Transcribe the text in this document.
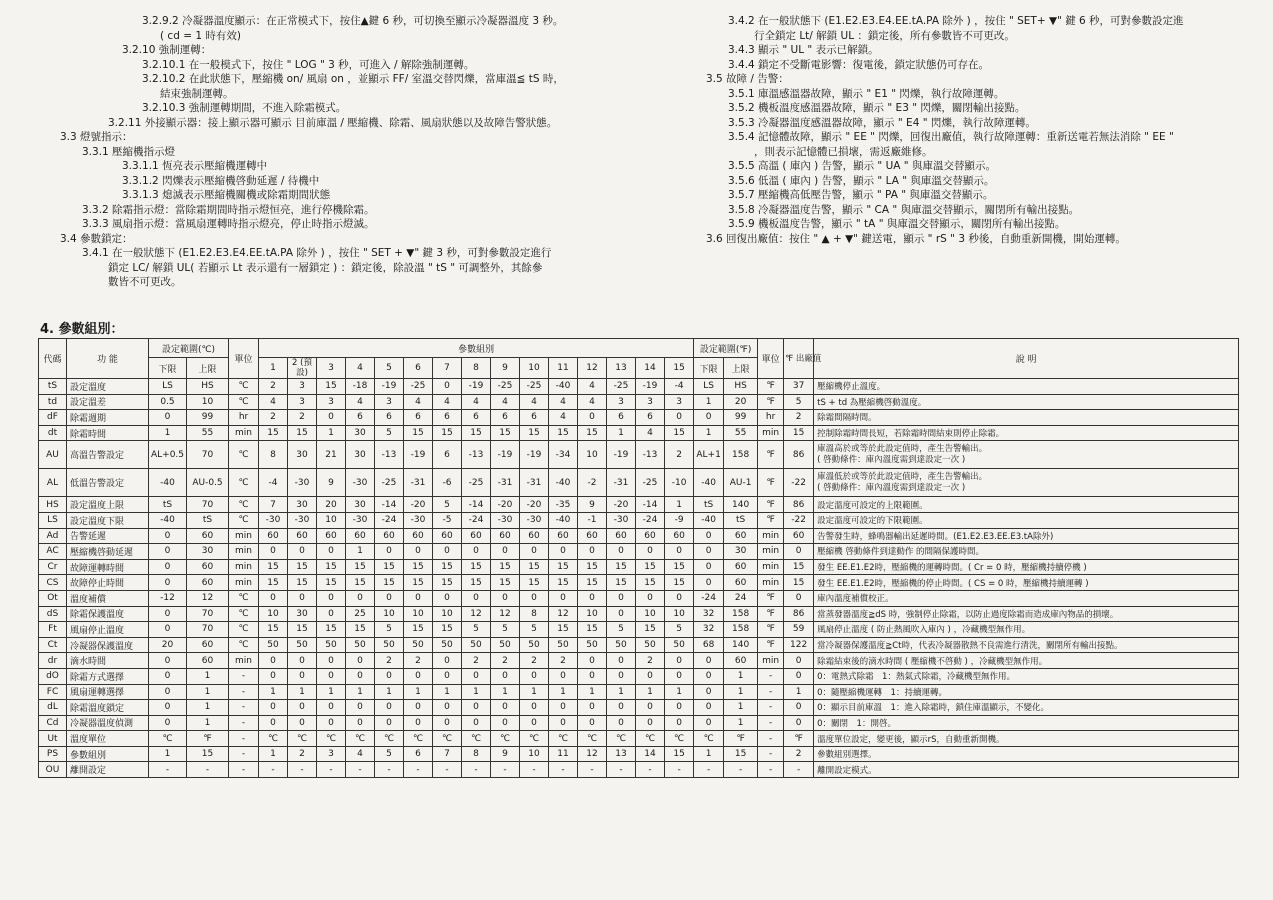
3.2.9.2 冷凝器溫度顯示：在正常模式下，按住▲鍵 6 秒，可切換至顯示冷凝器溫度 3 秒。
( cd = 1 時有效)
3.2.10 強制運轉：
3.2.10.1 在一般模式下，按住 " LOG " 3 秒，可進入 / 解除強制運轉。
3.2.10.2 在此狀態下，壓縮機 on/ 風扇 on ，並顯示 FF/ 室溫交替閃爍，當庫溫≦ tS 時，
結束強制運轉。
3.2.10.3 強制運轉期間，不進入除霜模式。
3.2.11 外接顯示器：接上顯示器可顯示 目前庫溫 / 壓縮機、除霜、風扇狀態以及故障告警狀態。
3.3 燈號指示：
3.3.1 壓縮機指示燈
3.3.1.1 恆亮表示壓縮機運轉中
3.3.1.2 閃爍表示壓縮機啓動延遲 / 待機中
3.3.1.3 熄滅表示壓縮機關機或除霜期間狀態
3.3.2 除霜指示燈：當除霜期間時指示燈恒亮，進行停機除霜。
3.3.3 風扇指示燈：當風扇運轉時指示燈亮，停止時指示燈滅。
3.4 參數鎖定：
3.4.1 在一般狀態下 (E1.E2.E3.E4.EE.tA.PA 除外 ) ，按住 " SET + ▼" 鍵 3 秒，可對參數設定進行
鎖定 LC/ 解鎖 UL( 若顯示 Lt 表示還有一層鎖定 ) ：鎖定後，除設溫 " tS " 可調整外，其餘參
數皆不可更改。
3.4.2 在一般狀態下 (E1.E2.E3.E4.EE.tA.PA 除外 ) ，按住 " SET+ ▼" 鍵 6 秒，可對參數設定進
行全鎖定 Lt/ 解鎖 UL ：鎖定後，所有參數皆不可更改。
3.4.3 顯示 " UL " 表示已解鎖。
3.4.4 鎖定不受斷電影響：復電後，鎖定狀態仍可存在。
3.5 故障 / 告警：
3.5.1 庫溫感溫器故障，顯示 " E1 " 閃爍，執行故障運轉。
3.5.2 機板溫度感溫器故障，顯示 " E3 " 閃爍，關閉輸出接點。
3.5.3 冷凝器溫度感溫器故障，顯示 " E4 " 閃爍，執行故障運轉。
3.5.4 記憶體故障，顯示 " EE " 閃爍，回復出廠值，執行故障運轉：重新送電若無法消除 " EE "
，則表示記憶體已損壞，需返廠維修。
3.5.5 高溫 ( 庫內 ) 告警，顯示 " UA " 與庫溫交替顯示。
3.5.6 低溫 ( 庫內 ) 告警，顯示 " LA " 與庫溫交替顯示。
3.5.7 壓縮機高低壓告警，顯示 " PA " 與庫溫交替顯示。
3.5.8 冷凝器溫度告警，顯示 " CA " 與庫溫交替顯示，關閉所有輸出接點。
3.5.9 機板溫度告警，顯示 " tA " 與庫溫交替顯示，關閉所有輸出接點。
3.6 回復出廠值：按住 " ▲ + ▼" 鍵送電，顯示 " rS " 3 秒後，自動重新開機，開始運轉。
4. 參數組別：
代碼	功 能	設定範圍(℃)		單位	參數組別															設定範圍(℉)		單位	℉ 出廠值	說 明
		下限	上限		1	2 (預設)	3	4	5	6	7	8	9	10	11	12	13	14	15	下限	上限			
tS	設定溫度	LS	HS	℃	2	3	15	-18	-19	-25	0	-19	-25	-25	-40	4	-25	-19	-4	LS	HS	℉	37	壓縮機停止溫度。

td	設定溫差	0.5	10	℃	4	3	3	4	3	4	4	4	4	4	4	4	3	3	3	1	20	℉	5	tS + td 為壓縮機啓動溫度。

dF	除霜週期	0	99	hr	2	2	0	6	6	6	6	6	6	6	4	0	6	6	0	0	99	hr	2	除霜間隔時間。

dt	除霜時間	1	55	min	15	15	1	30	5	15	15	15	15	15	15	15	1	4	15	1	55	min	15	控制除霜時間長短，若除霜時間結束則停止除霜。

AU	高溫告警設定	AL+0.5	70	℃	8	30	21	30	-13	-19	6	-13	-19	-19	-34	10	-19	-13	2	AL+1	158	℉	86	庫溫高於或等於此設定值時，產生告警輸出。
( 啓動條件：庫內溫度需到達設定一次 )

AL	低溫告警設定	-40	AU-0.5	℃	-4	-30	9	-30	-25	-31	-6	-25	-31	-31	-40	-2	-31	-25	-10	-40	AU-1	℉	-22	庫溫低於或等於此設定值時，產生告警輸出。
( 啓動條件：庫內溫度需到達設定一次 )

HS	設定溫度上限	tS	70	℃	7	30	20	30	-14	-20	5	-14	-20	-20	-35	9	-20	-14	1	tS	140	℉	86	設定溫度可設定的上限範圍。

LS	設定溫度下限	-40	tS	℃	-30	-30	10	-30	-24	-30	-5	-24	-30	-30	-40	-1	-30	-24	-9	-40	tS	℉	-22	設定溫度可設定的下限範圍。

Ad	告警延遲	0	60	min	60	60	60	60	60	60	60	60	60	60	60	60	60	60	60	0	60	min	60	告警發生時，蜂鳴器輸出延遲時間。(E1.E2.E3.EE.E3.tA除外)

AC	壓縮機啓動延遲	0	30	min	0	0	0	1	0	0	0	0	0	0	0	0	0	0	0	0	30	min	0	壓縮機 啓動條件到達動作 的間隔保護時間。

Cr	故障運轉時間	0	60	min	15	15	15	15	15	15	15	15	15	15	15	15	15	15	15	0	60	min	15	發生 EE.E1.E2時，壓縮機的運轉時間。( Cr = 0 時，壓縮機持續停機 )

CS	故障停止時間	0	60	min	15	15	15	15	15	15	15	15	15	15	15	15	15	15	15	0	60	min	15	發生 EE.E1.E2時，壓縮機的停止時間。( CS = 0 時，壓縮機持續運轉 )

Ot	溫度補償	-12	12	℃	0	0	0	0	0	0	0	0	0	0	0	0	0	0	0	-24	24	℉	0	庫內溫度補償校正。

dS	除霜保護溫度	0	70	℃	10	30	0	25	10	10	10	12	12	8	12	10	0	10	10	32	158	℉	86	當蒸發器溫度≧dS 時，強制停止除霜，以防止過度除霜而造成庫內物品的損壞。

Ft	風扇停止溫度	0	70	℃	15	15	15	15	5	15	15	5	5	5	15	15	5	15	5	32	158	℉	59	風扇停止溫度 ( 防止熱風吹入庫內 ) ，冷藏機型無作用。

Ct	冷凝器保護溫度	20	60	℃	50	50	50	50	50	50	50	50	50	50	50	50	50	50	50	68	140	℉	122	當冷凝器保護溫度≧Ct時，代表冷凝器散熱不良需進行清洗，關閉所有輸出接點。

dr	滴水時間	0	60	min	0	0	0	0	2	2	0	2	2	2	2	0	0	2	0	0	60	min	0	除霜結束後的滴水時間 ( 壓縮機不啓動 ) ，冷藏機型無作用。

dO	除霜方式選擇	0	1	-	0	0	0	0	0	0	0	0	0	0	0	0	0	0	0	0	1	-	0	0：電熱式除霜　1：熱氣式除霜，冷藏機型無作用。

FC	風扇運轉選擇	0	1	-	1	1	1	1	1	1	1	1	1	1	1	1	1	1	1	0	1	-	1	0：隨壓縮機運轉　1：持續運轉。

dL	除霜溫度鎖定	0	1	-	0	0	0	0	0	0	0	0	0	0	0	0	0	0	0	0	1	-	0	0：顯示目前庫溫　1：進入除霜時，鎖住庫溫顯示，不變化。

Cd	冷凝器溫度偵測	0	1	-	0	0	0	0	0	0	0	0	0	0	0	0	0	0	0	0	1	-	0	0：關閉　1：開啓。

Ut	溫度單位	℃	℉	-	℃	℃	℃	℃	℃	℃	℃	℃	℃	℃	℃	℃	℃	℃	℃	℃	℉	-	℉	溫度單位設定，變更後，顯示rS，自動重新開機。

PS	參數組別	1	15	-	1	2	3	4	5	6	7	8	9	10	11	12	13	14	15	1	15	-	2	參數組別選擇。

OU	離開設定	-	-	-	-	-	-	-	-	-	-	-	-	-	-	-	-	-	-	-	-	-	-	離開設定模式。
